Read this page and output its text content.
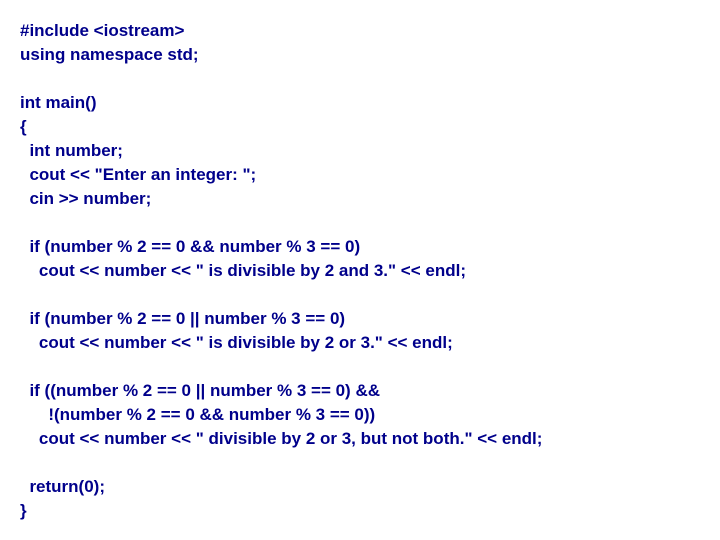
#include <iostream>
using namespace std;
int main()
{
int number;
cout << "Enter an integer: ";
cin >> number;
if (number % 2 == 0 && number % 3 == 0)
cout << number << " is divisible by 2 and 3." << endl;
if (number % 2 == 0 || number % 3 == 0)
cout << number << " is divisible by 2 or 3." << endl;
if ((number % 2 == 0 || number % 3 == 0) &&
!(number % 2 == 0 && number % 3 == 0))
cout << number << " divisible by 2 or 3, but not both." << endl;
return(0);
}
